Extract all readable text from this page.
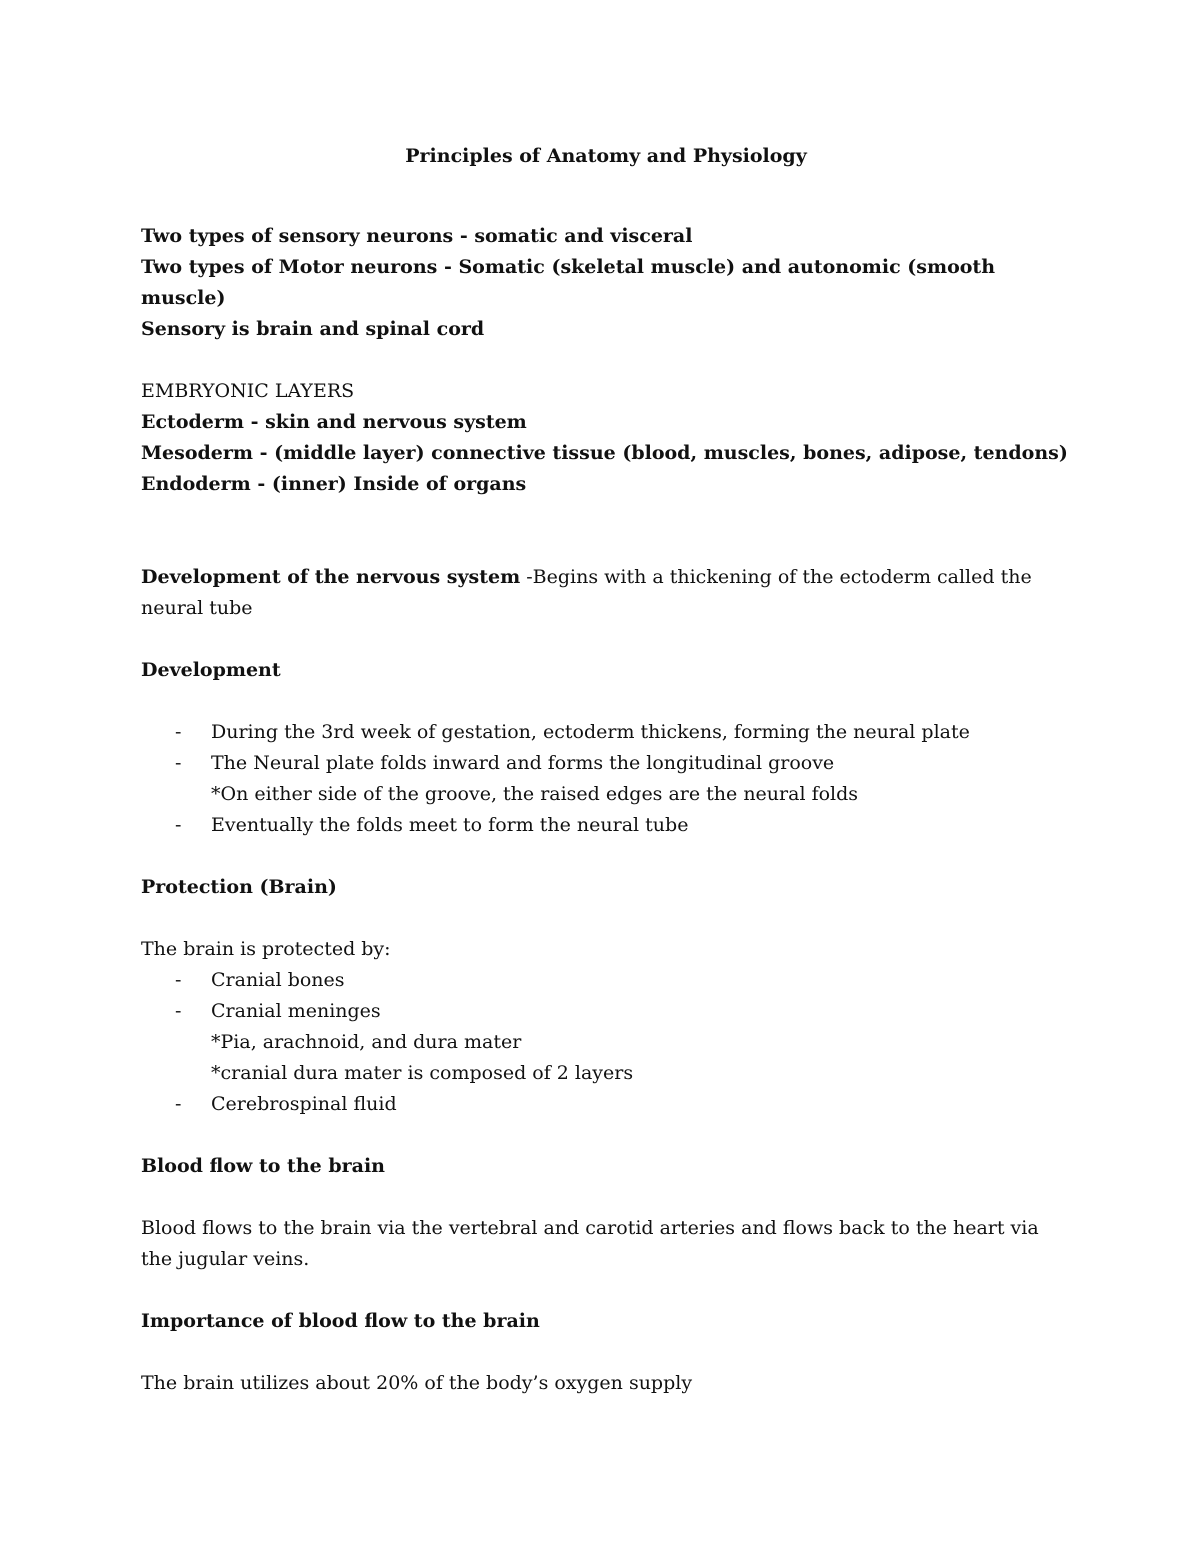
Principles of Anatomy and Physiology

Two types of sensory neurons - somatic and visceral

Two types of Motor neurons - Somatic (skeletal muscle) and autonomic (smooth muscle)

Sensory is brain and spinal cord

EMBRYONIC LAYERS

Ectoderm - skin and nervous system

Mesoderm - (middle layer) connective tissue (blood, muscles, bones, adipose, tendons)

Endoderm - (inner) Inside of organs

Development of the nervous system -Begins with a thickening of the ectoderm called the neural tube

Development

- During the 3rd week of gestation, ectoderm thickens, forming the neural plate
- The Neural plate folds inward and forms the longitudinal groove
*On either side of the groove, the raised edges are the neural folds
- Eventually the folds meet to form the neural tube

Protection (Brain)

The brain is protected by:

- Cranial bones
- Cranial meninges
*Pia, arachnoid, and dura mater
*cranial dura mater is composed of 2 layers
- Cerebrospinal fluid

Blood flow to the brain

Blood flows to the brain via the vertebral and carotid arteries and flows back to the heart via the jugular veins.

Importance of blood flow to the brain

The brain utilizes about 20% of the body’s oxygen supply
